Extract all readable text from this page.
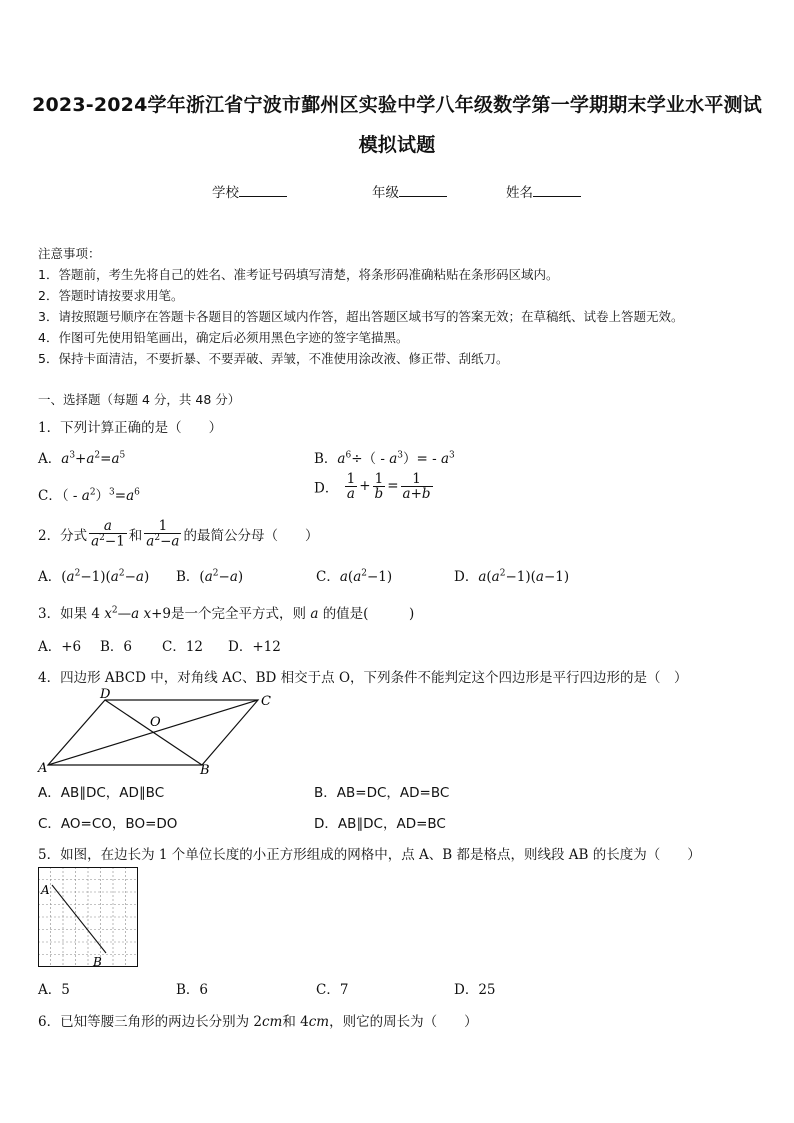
2023-2024学年浙江省宁波市鄞州区实验中学八年级数学第一学期期末学业水平测试
模拟试题
学校	年级	姓名
注意事项：
1．答题前，考生先将自己的姓名、准考证号码填写清楚，将条形码准确粘贴在条形码区域内。
2．答题时请按要求用笔。
3．请按照题号顺序在答题卡各题目的答题区域内作答，超出答题区域书写的答案无效；在草稿纸、试卷上答题无效。
4．作图可先使用铅笔画出，确定后必须用黑色字迹的签字笔描黑。
5．保持卡面清洁，不要折暴、不要弄破、弄皱，不准使用涂改液、修正带、刮纸刀。
一、选择题（每题 4 分，共 48 分）
1．下列计算正确的是（　　）
A．$a^3+a^2=a^5$	B．$a^6\div( - a^3)= - a^3$
C．（ - $a^2)^3=a^6$	D． $\frac{1}{a} + \frac{1}{b} = \frac{1}{a+b}$
2．分式 $\frac{a}{a^2-1}$ 和 $\frac{1}{a^2-a}$ 的最简公分母（　　）
A．$(a^2-1)(a^2-a)$ B．$(a^2-a)$	C．$a(a^2-1)$	D．$a(a^2-1)(a-1)$
3．如果 4 $x^2—a$ x+9是一个完全平方式，则 a 的值是(　　　)
A．+6 B．6 C．12 D．+12
4．四边形 ABCD 中，对角线 AC、BD 相交于点 O，下列条件不能判定这个四边形是平行四边形的是（　）
A	B
C
D
O
A．AB∥DC，AD∥BC	B．AB=DC，AD=BC
C．AO=CO，BO=DO	D．AB∥DC，AD=BC
5．如图，在边长为 1 个单位长度的小正方形组成的网格中，点 A、B 都是格点，则线段 AB 的长度为（　　）
A
B
A．5	B．6	C．7	D．25
6．已知等腰三角形的两边长分别为 2cm和 4cm，则它的周长为（　　）
